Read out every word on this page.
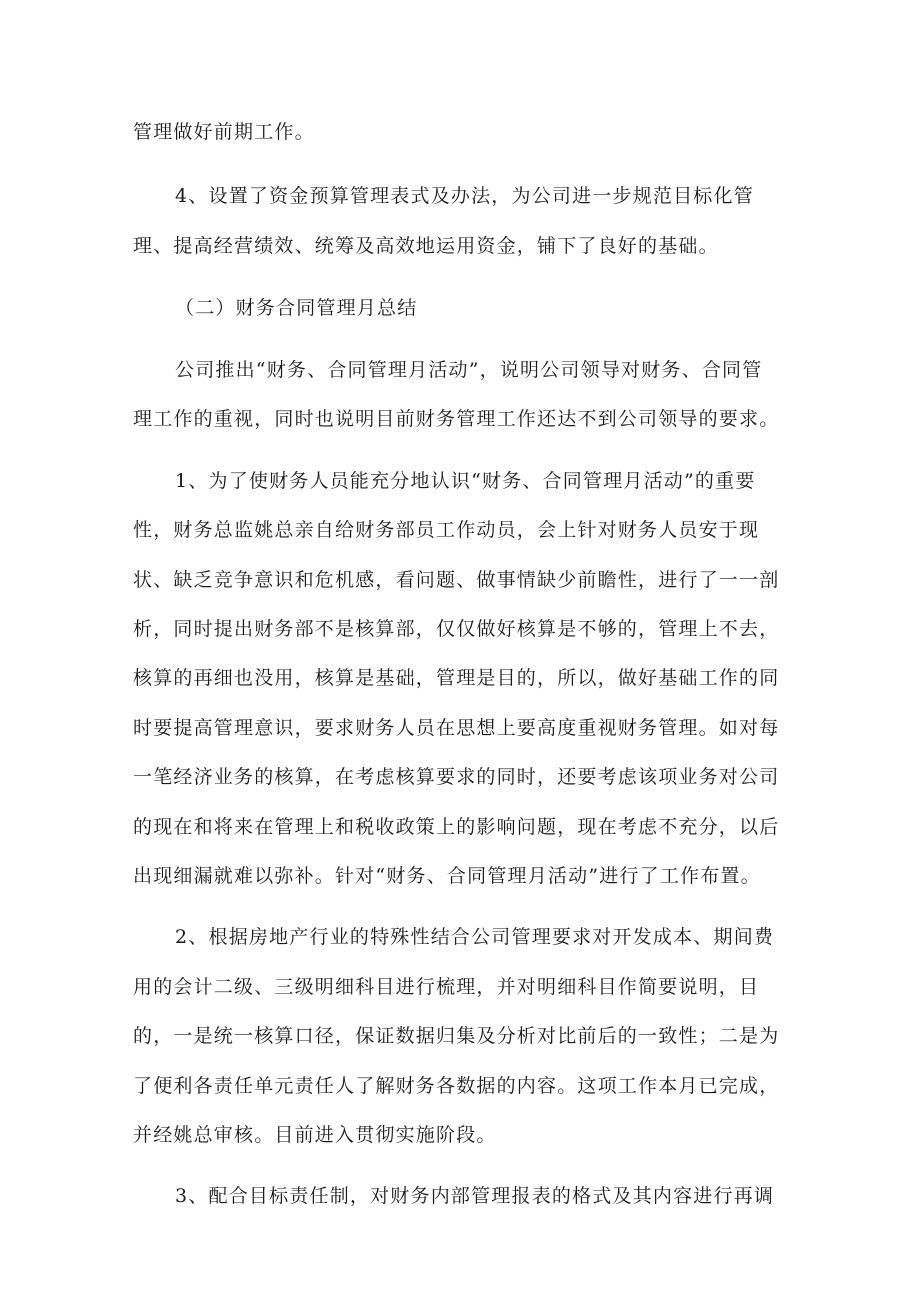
管理做好前期工作。
4、设置了资金预算管理表式及办法，为公司进一步规范目标化管
理、提高经营绩效、统筹及高效地运用资金，铺下了良好的基础。
（二）财务合同管理月总结
公司推出“财务、合同管理月活动”，说明公司领导对财务、合同管
理工作的重视，同时也说明目前财务管理工作还达不到公司领导的要求。
1、为了使财务人员能充分地认识“财务、合同管理月活动”的重要
性，财务总监姚总亲自给财务部员工作动员，会上针对财务人员安于现
状、缺乏竞争意识和危机感，看问题、做事情缺少前瞻性，进行了一一剖
析，同时提出财务部不是核算部，仅仅做好核算是不够的，管理上不去，
核算的再细也没用，核算是基础，管理是目的，所以，做好基础工作的同
时要提高管理意识，要求财务人员在思想上要高度重视财务管理。如对每
一笔经济业务的核算，在考虑核算要求的同时，还要考虑该项业务对公司
的现在和将来在管理上和税收政策上的影响问题，现在考虑不充分，以后
出现细漏就难以弥补。针对“财务、合同管理月活动”进行了工作布置。
2、根据房地产行业的特殊性结合公司管理要求对开发成本、期间费
用的会计二级、三级明细科目进行梳理，并对明细科目作简要说明，目
的，一是统一核算口径，保证数据归集及分析对比前后的一致性；二是为
了便利各责任单元责任人了解财务各数据的内容。这项工作本月已完成，
并经姚总审核。目前进入贯彻实施阶段。
3、配合目标责任制，对财务内部管理报表的格式及其内容进行再调
